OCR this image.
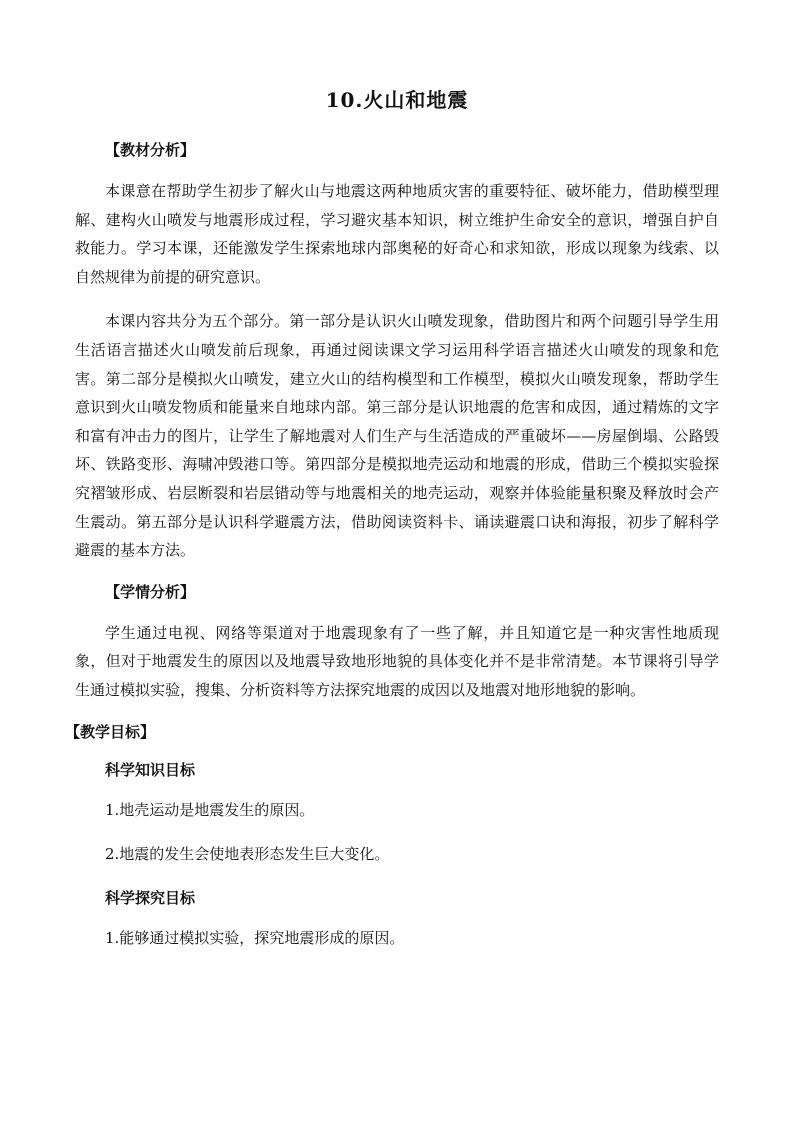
10.火山和地震
【教材分析】

本课意在帮助学生初步了解火山与地震这两种地质灾害的重要特征、破坏能力，借助模型理解、建构火山喷发与地震形成过程，学习避灾基本知识，树立维护生命安全的意识，增强自护自救能力。学习本课，还能激发学生探索地球内部奥秘的好奇心和求知欲，形成以现象为线索、以自然规律为前提的研究意识。

本课内容共分为五个部分。第一部分是认识火山喷发现象，借助图片和两个问题引导学生用生活语言描述火山喷发前后现象，再通过阅读课文学习运用科学语言描述火山喷发的现象和危害。第二部分是模拟火山喷发，建立火山的结构模型和工作模型，模拟火山喷发现象，帮助学生意识到火山喷发物质和能量来自地球内部。第三部分是认识地震的危害和成因，通过精炼的文字和富有冲击力的图片，让学生了解地震对人们生产与生活造成的严重破坏——房屋倒塌、公路毁坏、铁路变形、海啸冲毁港口等。第四部分是模拟地壳运动和地震的形成，借助三个模拟实验探究褶皱形成、岩层断裂和岩层错动等与地震相关的地壳运动，观察并体验能量积聚及释放时会产生震动。第五部分是认识科学避震方法，借助阅读资料卡、诵读避震口诀和海报，初步了解科学避震的基本方法。

【学情分析】

学生通过电视、网络等渠道对于地震现象有了一些了解，并且知道它是一种灾害性地质现象，但对于地震发生的原因以及地震导致地形地貌的具体变化并不是非常清楚。本节课将引导学生通过模拟实验，搜集、分析资料等方法探究地震的成因以及地震对地形地貌的影响。

【教学目标】
科学知识目标
1.地壳运动是地震发生的原因。
2.地震的发生会使地表形态发生巨大变化。
科学探究目标
1.能够通过模拟实验，探究地震形成的原因。
